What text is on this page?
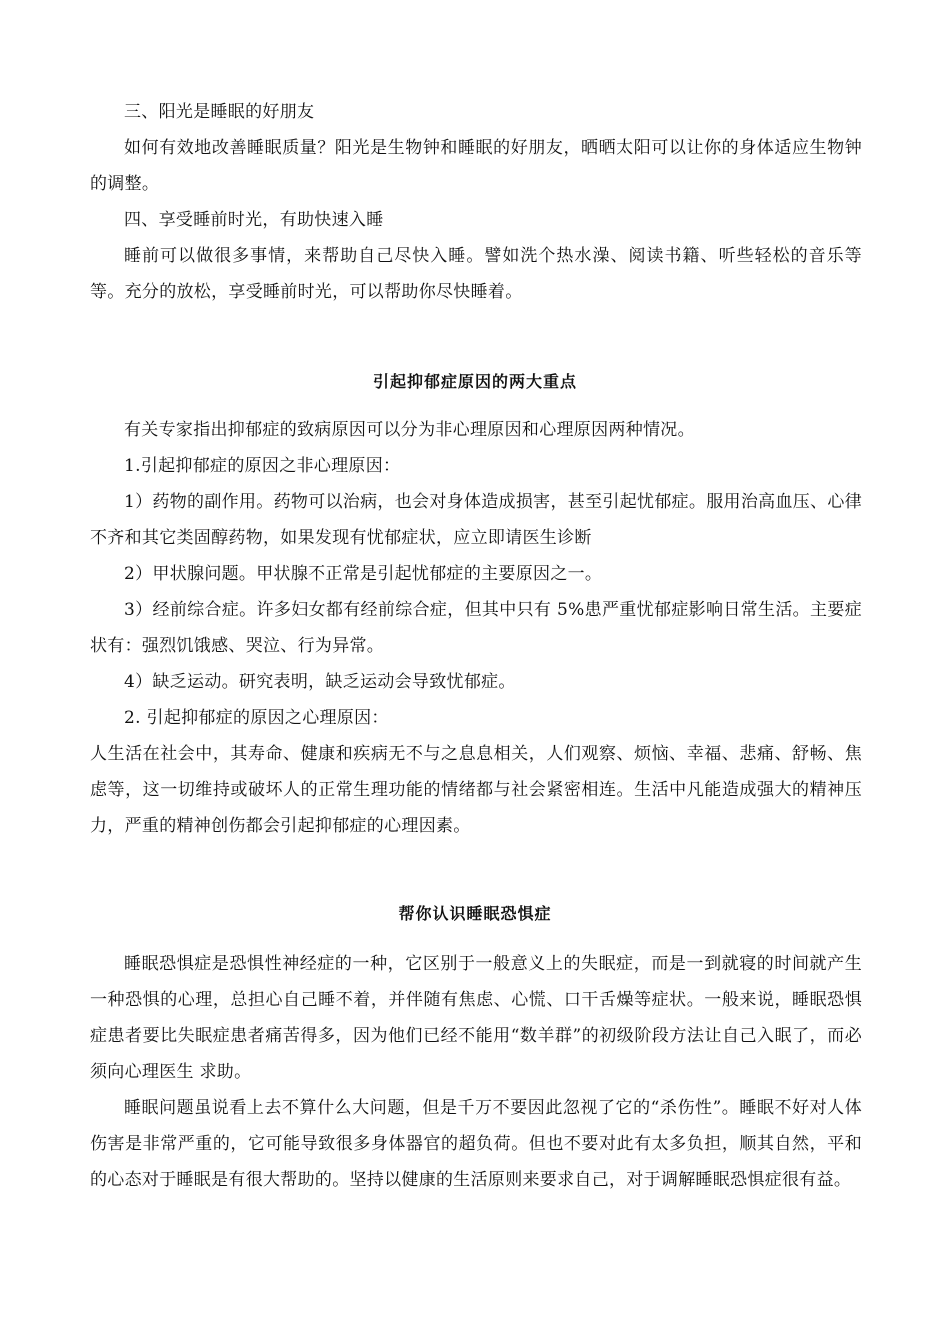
三、阳光是睡眠的好朋友

如何有效地改善睡眠质量？阳光是生物钟和睡眠的好朋友，晒晒太阳可以让你的身体适应生物钟的调整。

四、享受睡前时光，有助快速入睡

睡前可以做很多事情，来帮助自己尽快入睡。譬如洗个热水澡、阅读书籍、听些轻松的音乐等等。充分的放松，享受睡前时光，可以帮助你尽快睡着。

引起抑郁症原因的两大重点

有关专家指出抑郁症的致病原因可以分为非心理原因和心理原因两种情况。

1.引起抑郁症的原因之非心理原因：

1）药物的副作用。药物可以治病，也会对身体造成损害，甚至引起忧郁症。服用治高血压、心律不齐和其它类固醇药物，如果发现有忧郁症状，应立即请医生诊断

2）甲状腺问题。甲状腺不正常是引起忧郁症的主要原因之一。

3）经前综合症。许多妇女都有经前综合症，但其中只有 5%患严重忧郁症影响日常生活。主要症状有：强烈饥饿感、哭泣、行为异常。

4）缺乏运动。研究表明，缺乏运动会导致忧郁症。

2. 引起抑郁症的原因之心理原因：

人生活在社会中，其寿命、健康和疾病无不与之息息相关，人们观察、烦恼、幸福、悲痛、舒畅、焦虑等，这一切维持或破坏人的正常生理功能的情绪都与社会紧密相连。生活中凡能造成强大的精神压力，严重的精神创伤都会引起抑郁症的心理因素。

帮你认识睡眠恐惧症

睡眠恐惧症是恐惧性神经症的一种，它区别于一般意义上的失眠症，而是一到就寝的时间就产生一种恐惧的心理，总担心自己睡不着，并伴随有焦虑、心慌、口干舌燥等症状。一般来说，睡眠恐惧症患者要比失眠症患者痛苦得多，因为他们已经不能用“数羊群”的初级阶段方法让自己入眠了，而必须向心理医生 求助。

睡眠问题虽说看上去不算什么大问题，但是千万不要因此忽视了它的“杀伤性”。睡眠不好对人体伤害是非常严重的，它可能导致很多身体器官的超负荷。但也不要对此有太多负担，顺其自然，平和的心态对于睡眠是有很大帮助的。坚持以健康的生活原则来要求自己，对于调解睡眠恐惧症很有益。
